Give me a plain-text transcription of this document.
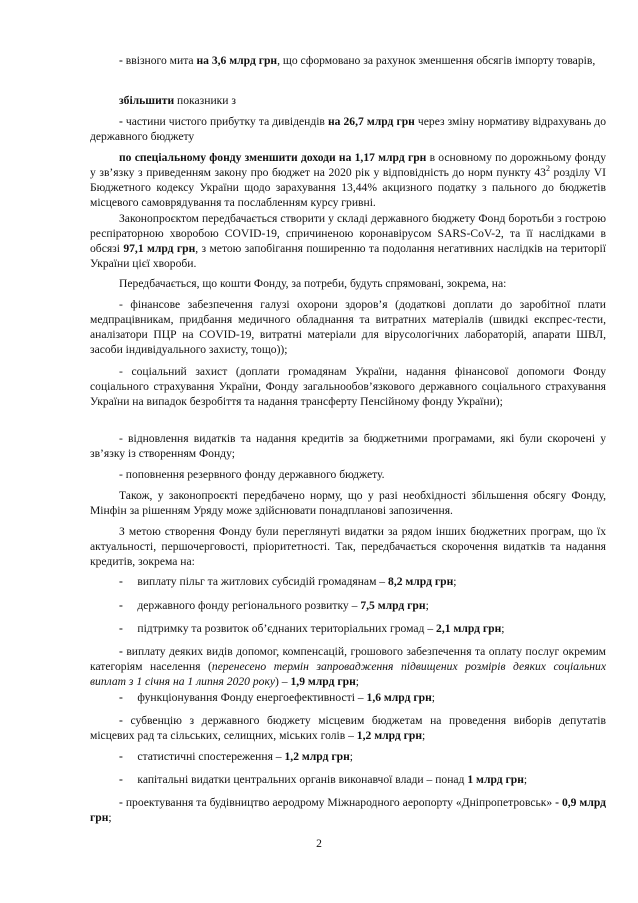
- ввізного мита на 3,6 млрд грн, що сформовано за рахунок зменшення обсягів імпорту товарів,

збільшити показники з

- частини чистого прибутку та дивідендів на 26,7 млрд грн через зміну нормативу відрахувань до державного бюджету

по спеціальному фонду зменшити доходи на 1,17 млрд грн в основному по дорожньому фонду у зв’язку з приведенням закону про бюджет на 2020 рік у відповідність до норм пункту $43^2$ розділу VI Бюджетного кодексу України щодо зарахування 13,44% акцизного податку з пального до бюджетів місцевого самоврядування та послабленням курсу гривні.

Законопроєктом передбачається створити у складі державного бюджету Фонд боротьби з гострою респіраторною хворобою COVID-19, спричиненою коронавірусом SARS-CoV-2, та її наслідками в обсязі 97,1 млрд грн, з метою запобігання поширенню та подолання негативних наслідків на території України цієї хвороби.

Передбачається, що кошти Фонду, за потреби, будуть спрямовані, зокрема, на:

- фінансове забезпечення галузі охорони здоров’я (додаткові доплати до заробітної плати медпрацівникам, придбання медичного обладнання та витратних матеріалів (швидкі експрес-тести, аналізатори ПЦР на COVID-19, витратні матеріали для вірусологічних лабораторій, апарати ШВЛ, засоби індивідуального захисту, тощо));

- соціальний захист (доплати громадянам України, надання фінансової допомоги Фонду соціального страхування України, Фонду загальнообов’язкового державного соціального страхування України на випадок безробіття та надання трансферту Пенсійному фонду України);

- відновлення видатків та надання кредитів за бюджетними програмами, які були скорочені у зв’язку із створенням Фонду;

- поповнення резервного фонду державного бюджету.

Також, у законопроєкті передбачено норму, що у разі необхідності збільшення обсягу Фонду, Мінфін за рішенням Уряду може здійснювати понадпланові запозичення.

З метою створення Фонду були переглянуті видатки за рядом інших бюджетних програм, що їх актуальності, першочерговості, пріоритетності. Так, передбачається скорочення видатків та надання кредитів, зокрема на:

- виплату пільг та житлових субсидій громадянам – 8,2 млрд грн;

- державного фонду регіонального розвитку – 7,5 млрд грн;

- підтримку та розвиток об’єднаних територіальних громад – 2,1 млрд грн;

- виплату деяких видів допомог, компенсацій, грошового забезпечення та оплату послуг окремим категоріям населення (перенесено термін запровадження підвищених розмірів деяких соціальних виплат з 1 січня на 1 липня 2020 року) – 1,9 млрд грн;

- функціонування Фонду енергоефективності – 1,6 млрд грн;

- субвенцію з державного бюджету місцевим бюджетам на проведення виборів депутатів місцевих рад та сільських, селищних, міських голів – 1,2 млрд грн;

- статистичні спостереження – 1,2 млрд грн;

- капітальні видатки центральних органів виконавчої влади – понад 1 млрд грн;

- проектування та будівництво аеродрому Міжнародного аеропорту «Дніпропетровськ» - 0,9 млрд грн;

2
